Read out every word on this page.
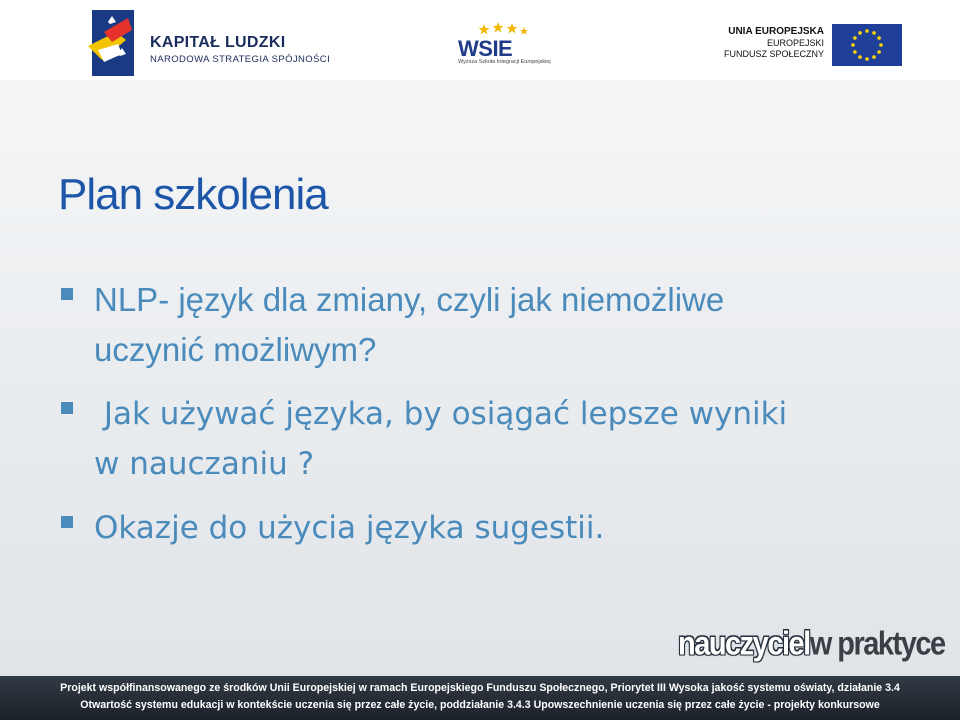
KAPITAŁ LUDZKI
NARODOWA STRATEGIA SPÓJNOŚCI	WSIE
Wyższa Szkoła Integracji Europejskiej
UNIA EUROPEJSKA
EUROPEJSKI
FUNDUSZ SPOŁECZNY
Plan szkolenia
NLP- język dla zmiany, czyli jak niemożliwe
uczynić możliwym?
Jak używać języka, by osiągać lepsze wyniki
w nauczaniu ?
Okazje do użycia języka sugestii.
nauczycielw praktyce
Projekt współfinansowanego ze środków Unii Europejskiej w ramach Europejskiego Funduszu Społecznego, Priorytet III Wysoka jakość systemu oświaty, działanie 3.4
Otwartość systemu edukacji w kontekście uczenia się przez całe życie, poddziałanie 3.4.3 Upowszechnienie uczenia się przez całe życie - projekty konkursowe
